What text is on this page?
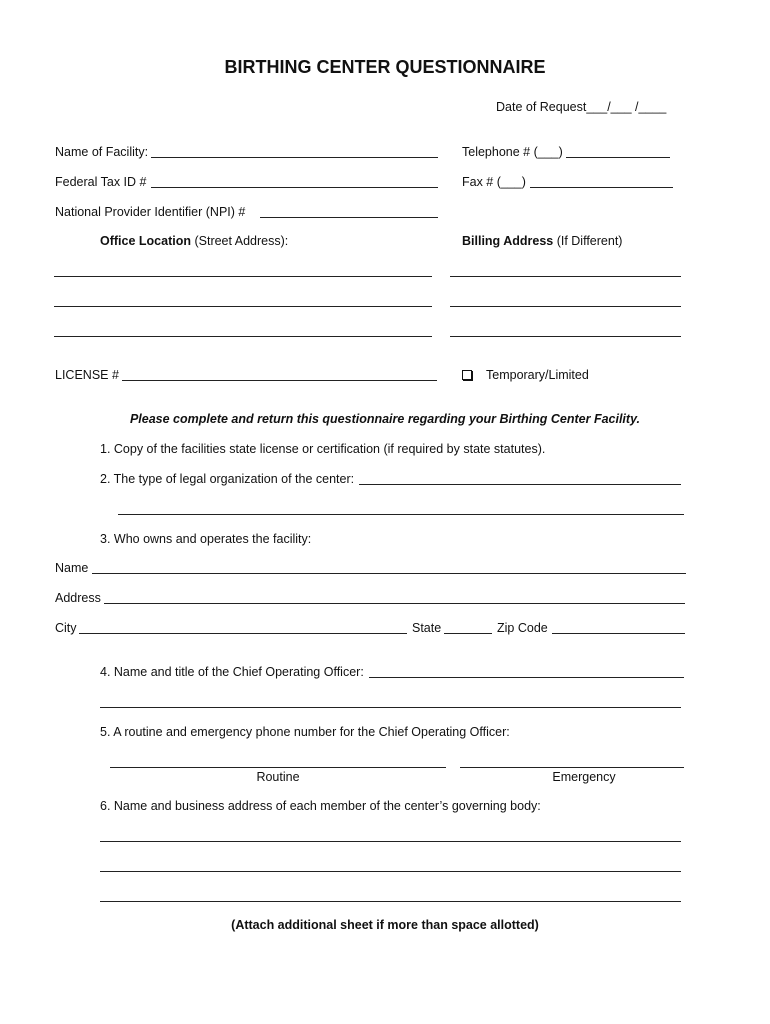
BIRTHING CENTER QUESTIONNAIRE
Date of Request___/___ /____
Name of Facility:	Telephone # (___)
Federal Tax ID #	Fax # (___)
National Provider Identifier (NPI) #
Office Location (Street Address):	Billing Address (If Different)
LICENSE #	Temporary/Limited
Please complete and return this questionnaire regarding your Birthing Center Facility.
1. Copy of the facilities state license or certification (if required by state statutes).
2. The type of legal organization of the center:
3. Who owns and operates the facility:
Name
Address
City	State	Zip Code
4. Name and title of the Chief Operating Officer:
5. A routine and emergency phone number for the Chief Operating Officer:
Routine	Emergency
6. Name and business address of each member of the center’s governing body:
(Attach additional sheet if more than space allotted)
